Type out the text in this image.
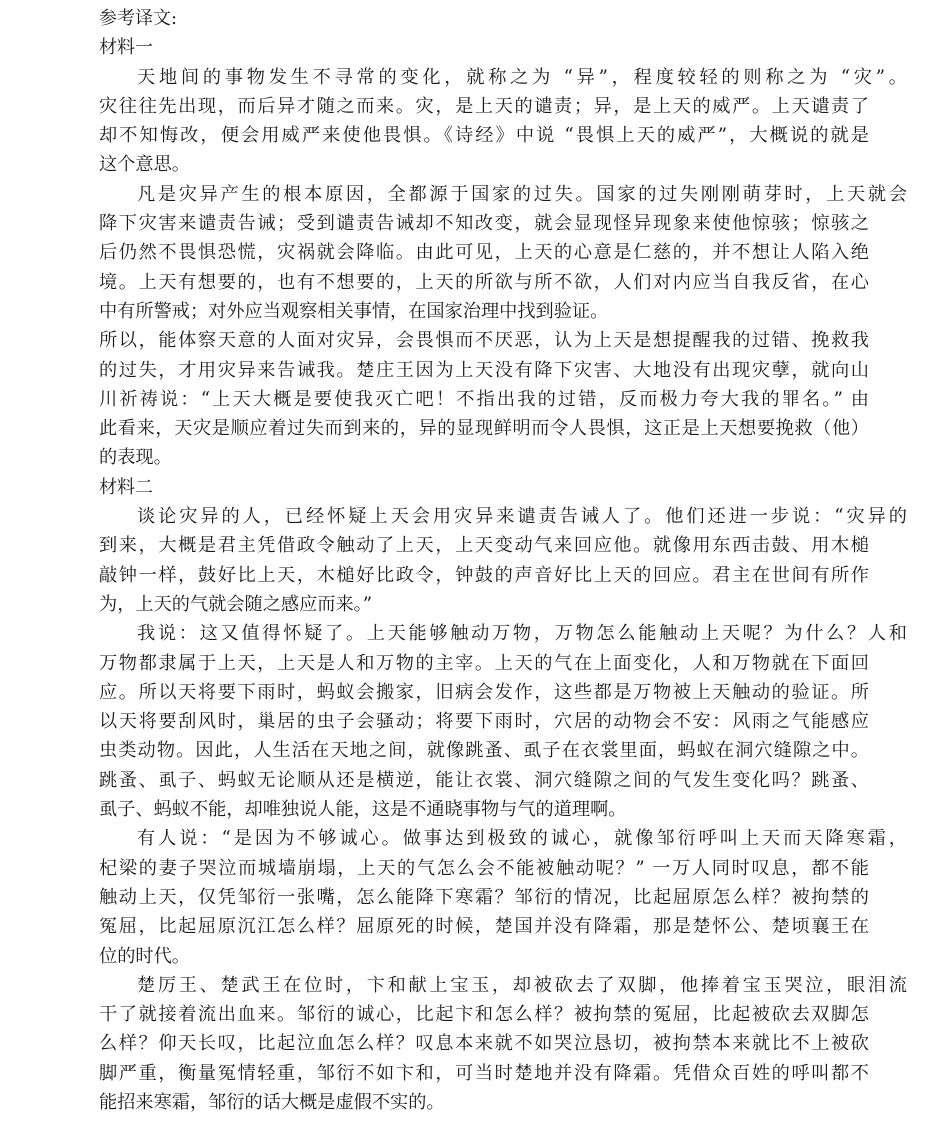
参考译文:
材料一
天地间的事物发生不寻常的变化，就称之为 “异”，程度较轻的则称之为 “灾”。
灾往往先出现，而后异才随之而来。灾，是上天的谴责；异，是上天的威严。上天谴责了
却不知悔改，便会用威严来使他畏惧。《诗经》中说 “畏惧上天的威严”，大概说的就是
这个意思。
凡是灾异产生的根本原因，全都源于国家的过失。国家的过失刚刚萌芽时，上天就会
降下灾害来谴责告诫；受到谴责告诫却不知改变，就会显现怪异现象来使他惊骇；惊骇之
后仍然不畏惧恐慌，灾祸就会降临。由此可见，上天的心意是仁慈的，并不想让人陷入绝
境。上天有想要的，也有不想要的，上天的所欲与所不欲，人们对内应当自我反省，在心
中有所警戒；对外应当观察相关事情，在国家治理中找到验证。
所以，能体察天意的人面对灾异，会畏惧而不厌恶，认为上天是想提醒我的过错、挽救我
的过失，才用灾异来告诫我。楚庄王因为上天没有降下灾害、大地没有出现灾孽，就向山
川祈祷说：“上天大概是要使我灭亡吧！不指出我的过错，反而极力夸大我的罪名。” 由
此看来，天灾是顺应着过失而到来的，异的显现鲜明而令人畏惧，这正是上天想要挽救（他）
的表现。
材料二
谈论灾异的人，已经怀疑上天会用灾异来谴责告诫人了。他们还进一步说：“灾异的
到来，大概是君主凭借政令触动了上天，上天变动气来回应他。就像用东西击鼓、用木槌
敲钟一样，鼓好比上天，木槌好比政令，钟鼓的声音好比上天的回应。君主在世间有所作
为，上天的气就会随之感应而来。”
我说：这又值得怀疑了。上天能够触动万物，万物怎么能触动上天呢？为什么？人和
万物都隶属于上天，上天是人和万物的主宰。上天的气在上面变化，人和万物就在下面回
应。所以天将要下雨时，蚂蚁会搬家，旧病会发作，这些都是万物被上天触动的验证。所
以天将要刮风时，巢居的虫子会骚动；将要下雨时，穴居的动物会不安：风雨之气能感应
虫类动物。因此，人生活在天地之间，就像跳蚤、虱子在衣裳里面，蚂蚁在洞穴缝隙之中。
跳蚤、虱子、蚂蚁无论顺从还是横逆，能让衣裳、洞穴缝隙之间的气发生变化吗？跳蚤、
虱子、蚂蚁不能，却唯独说人能，这是不通晓事物与气的道理啊。
有人说：“是因为不够诚心。做事达到极致的诚心，就像邹衍呼叫上天而天降寒霜，
杞梁的妻子哭泣而城墙崩塌，上天的气怎么会不能被触动呢？” 一万人同时叹息，都不能
触动上天，仅凭邹衍一张嘴，怎么能降下寒霜？邹衍的情况，比起屈原怎么样？被拘禁的
冤屈，比起屈原沉江怎么样？屈原死的时候，楚国并没有降霜，那是楚怀公、楚顷襄王在
位的时代。
楚厉王、楚武王在位时，卞和献上宝玉，却被砍去了双脚，他捧着宝玉哭泣，眼泪流
干了就接着流出血来。邹衍的诚心，比起卞和怎么样？被拘禁的冤屈，比起被砍去双脚怎
么样？仰天长叹，比起泣血怎么样？叹息本来就不如哭泣恳切，被拘禁本来就比不上被砍
脚严重，衡量冤情轻重，邹衍不如卞和，可当时楚地并没有降霜。凭借众百姓的呼叫都不
能招来寒霜，邹衍的话大概是虚假不实的。
